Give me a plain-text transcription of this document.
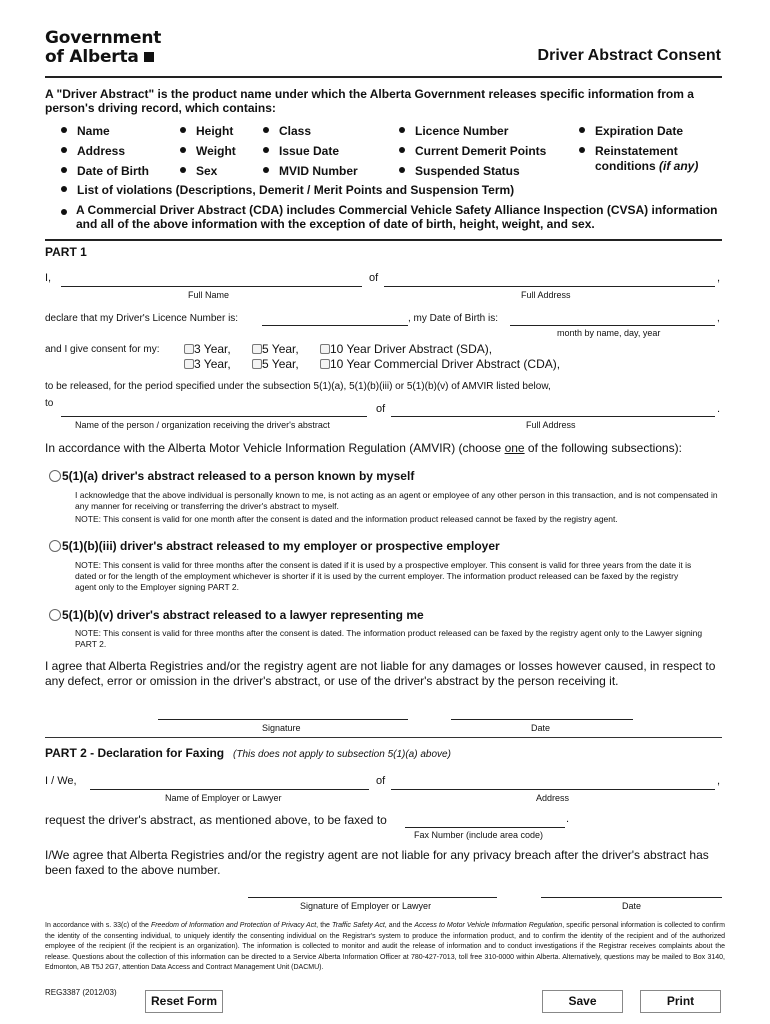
Government
of Alberta	Driver Abstract Consent
A "Driver Abstract" is the product name under which the Alberta Government releases specific information from a person's driving record, which contains:
Name
Address
Date of Birth
Height
Weight
Sex
Class
Issue Date
MVID Number
Licence Number
Current Demerit Points
Suspended Status
Expiration Date
Reinstatement
conditions (if any)
List of violations (Descriptions, Demerit / Merit Points and Suspension Term)
A Commercial Driver Abstract (CDA) includes Commercial Vehicle Safety Alliance Inspection (CVSA) information and all of the above information with the exception of date of birth, height, weight, and sex.
PART 1
I,	of	,
Full Name	Full Address
declare that my Driver's Licence Number is:	, my Date of Birth is:	,
month by name, day, year
and I give consent for my:	3 Year,	5 Year,	10 Year Driver Abstract (SDA),
3 Year,	5 Year,	10 Year Commercial Driver Abstract (CDA),
to be released, for the period specified under the subsection 5(1)(a), 5(1)(b)(iii) or 5(1)(b)(v) of AMVIR listed below,
to	of	.
Name of the person / organization receiving the driver's abstract	Full Address
In accordance with the Alberta Motor Vehicle Information Regulation (AMVIR) (choose one of the following subsections):
5(1)(a) driver's abstract released to a person known by myself
I acknowledge that the above individual is personally known to me, is not acting as an agent or employee of any other person in this transaction, and is not compensated in any manner for receiving or transferring the driver's abstract to myself.
NOTE: This consent is valid for one month after the consent is dated and the information product released cannot be faxed by the registry agent.
5(1)(b)(iii) driver's abstract released to my employer or prospective employer
NOTE: This consent is valid for three months after the consent is dated if it is used by a prospective employer. This consent is valid for three years from the date it is dated or for the length of the employment whichever is shorter if it is used by the current employer. The information product released can be faxed by the registry agent only to the Employer signing PART 2.
5(1)(b)(v) driver's abstract released to a lawyer representing me
NOTE: This consent is valid for three months after the consent is dated. The information product released can be faxed by the registry agent only to the Lawyer signing PART 2.
I agree that Alberta Registries and/or the registry agent are not liable for any damages or losses however caused, in respect to any defect, error or omission in the driver's abstract, or use of the driver's abstract by the person receiving it.
Signature	Date
PART 2 - Declaration for Faxing (This does not apply to subsection 5(1)(a) above)
I / We,	of	,
Name of Employer or Lawyer	Address
request the driver's abstract, as mentioned above, to be faxed to	.
Fax Number (include area code)
I/We agree that Alberta Registries and/or the registry agent are not liable for any privacy breach after the driver's abstract has been faxed to the above number.
Signature of Employer or Lawyer	Date
In accordance with s. 33(c) of the Freedom of Information and Protection of Privacy Act, the Traffic Safety Act, and the Access to Motor Vehicle Information Regulation, specific personal information is collected to confirm the identity of the consenting individual, to uniquely identify the consenting individual on the Registrar's system to produce the information product, and to confirm the identity of the recipient and of the authorized employee of the recipient (if the recipient is an organization). The information is collected to monitor and audit the release of information and to conduct investigations if the Registrar receives complaints about the release. Questions about the collection of this information can be directed to a Service Alberta Information Officer at 780-427-7013, toll free 310-0000 within Alberta. Alternatively, questions may be mailed to Box 3140, Edmonton, AB T5J 2G7, attention Data Access and Contract Management Unit (DACMU).
REG3387 (2012/03)
Reset Form	Save	Print
